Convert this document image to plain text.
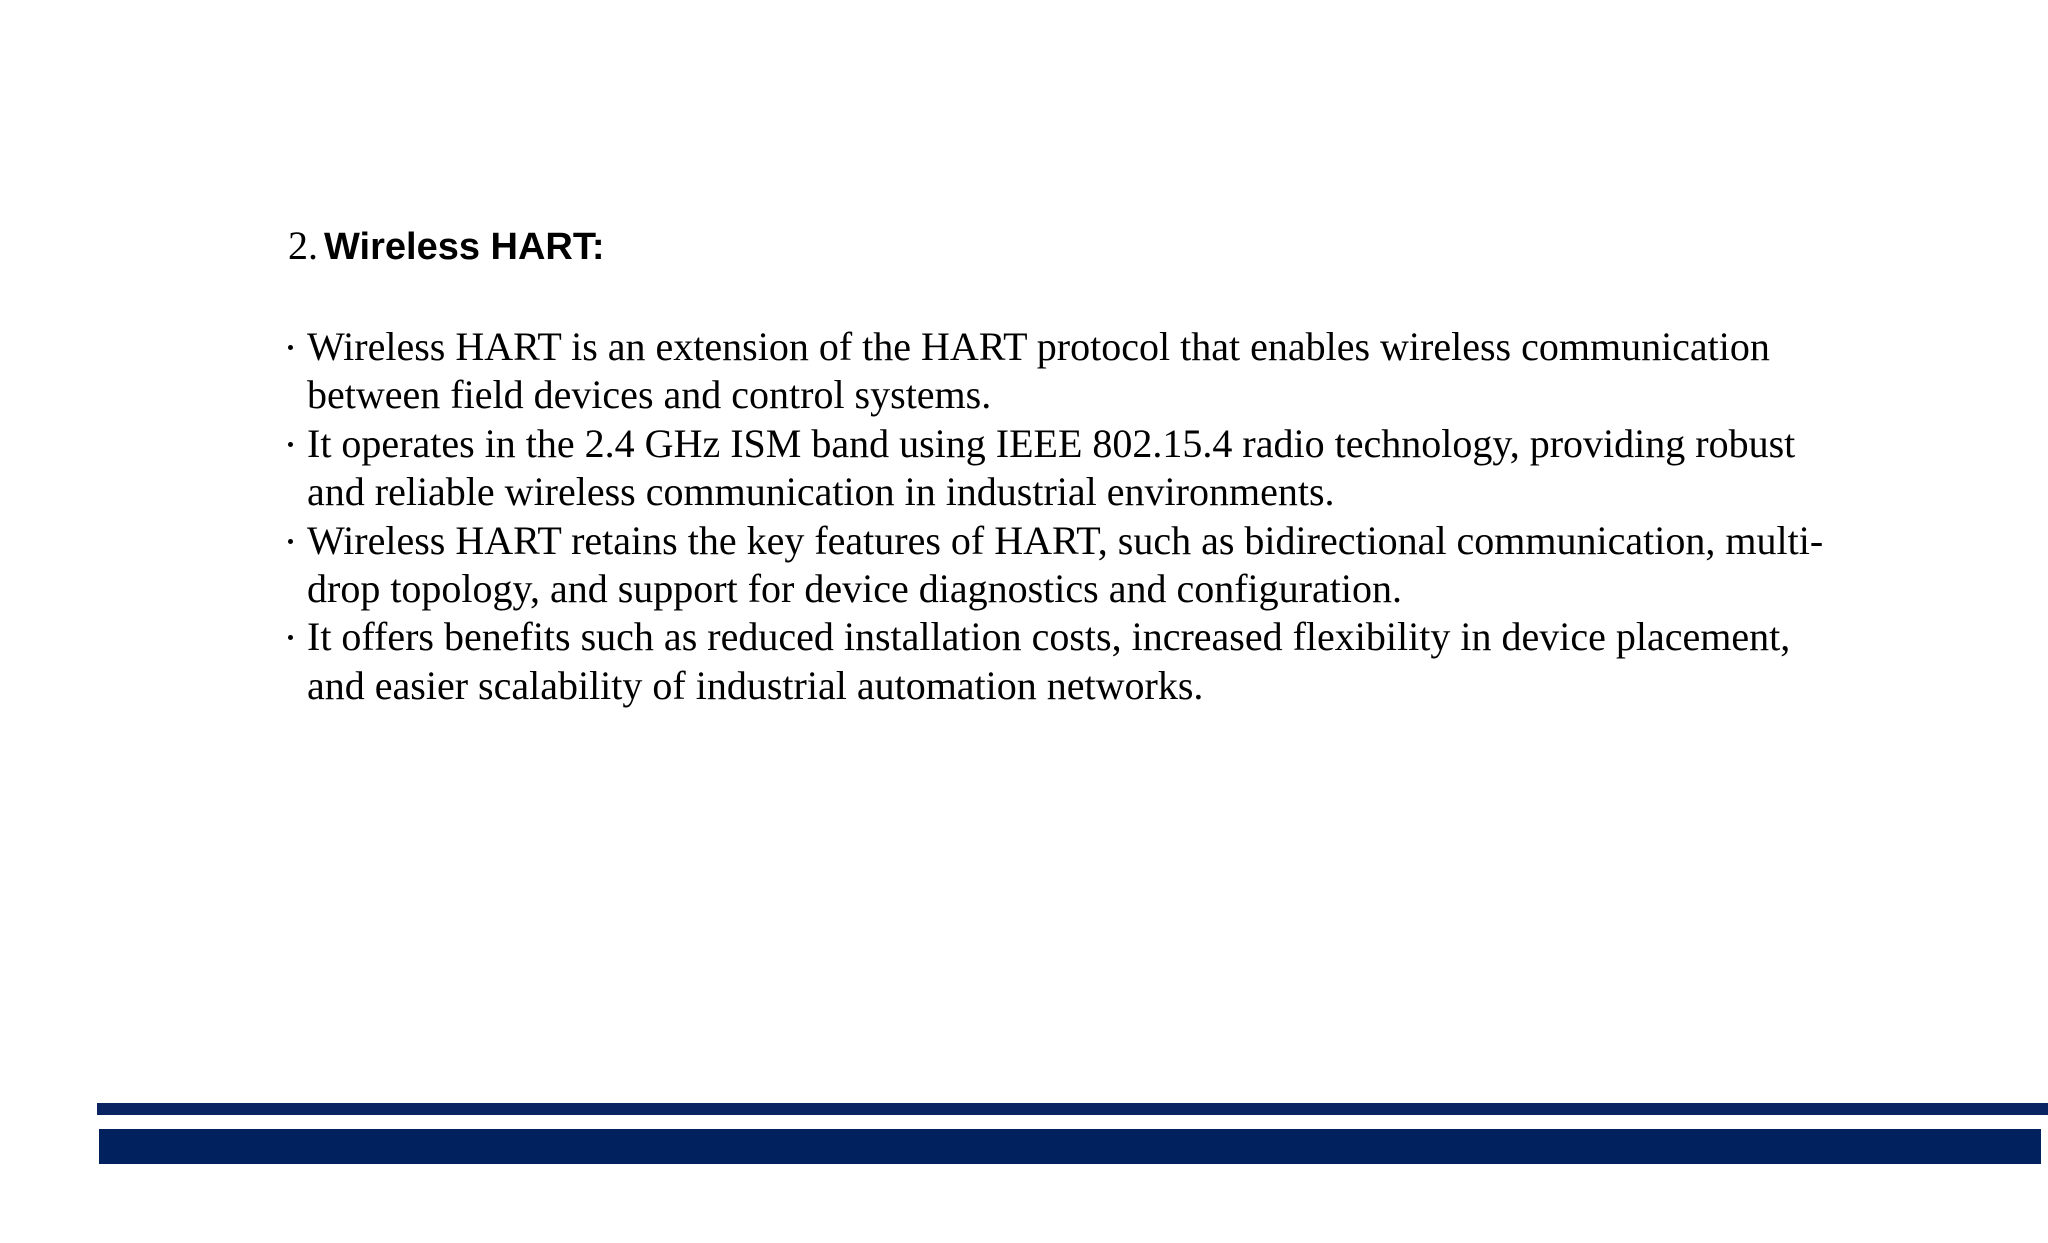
2. Wireless HART:
Wireless HART is an extension of the HART protocol that enables wireless communication between field devices and control systems.
It operates in the 2.4 GHz ISM band using IEEE 802.15.4 radio technology, providing robust and reliable wireless communication in industrial environments.
Wireless HART retains the key features of HART, such as bidirectional communication, multi-drop topology, and support for device diagnostics and configuration.
It offers benefits such as reduced installation costs, increased flexibility in device placement, and easier scalability of industrial automation networks.
